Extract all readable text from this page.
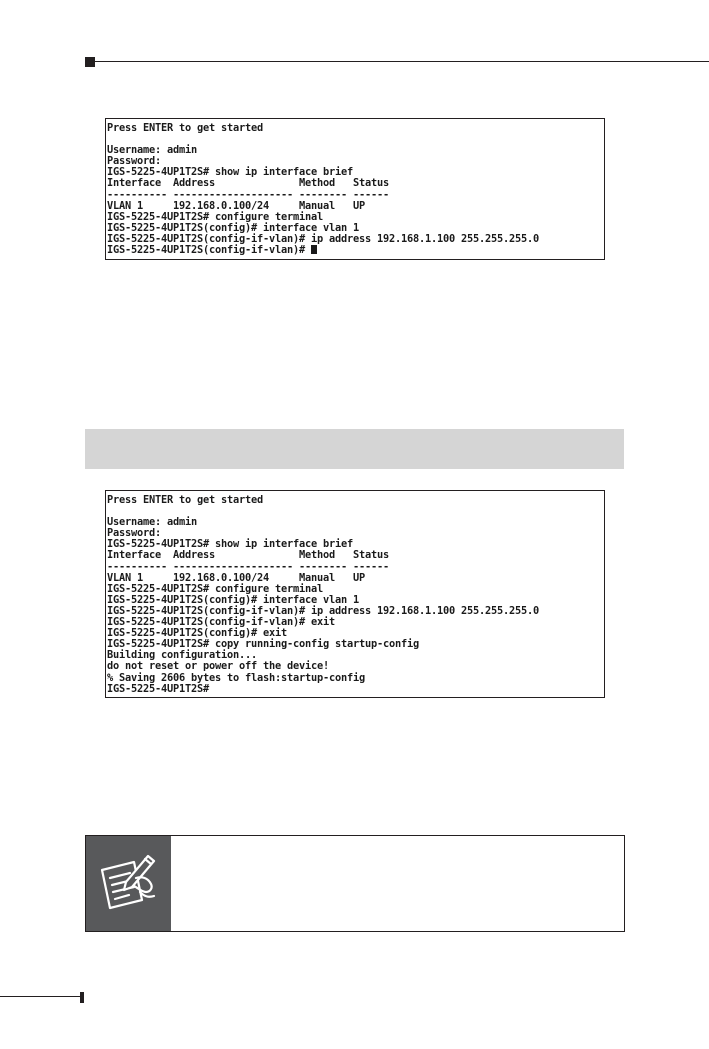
Press ENTER to get started
Username: admin
Password:
IGS-5225-4UP1T2S# show ip interface brief
Interface  Address              Method   Status
---------- -------------------- -------- ------
VLAN 1     192.168.0.100/24     Manual   UP
IGS-5225-4UP1T2S# configure terminal
IGS-5225-4UP1T2S(config)# interface vlan 1
IGS-5225-4UP1T2S(config-if-vlan)# ip address 192.168.1.100 255.255.255.0
IGS-5225-4UP1T2S(config-if-vlan)#
Press ENTER to get started
Username: admin
Password:
IGS-5225-4UP1T2S# show ip interface brief
Interface  Address              Method   Status
---------- -------------------- -------- ------
VLAN 1     192.168.0.100/24     Manual   UP
IGS-5225-4UP1T2S# configure terminal
IGS-5225-4UP1T2S(config)# interface vlan 1
IGS-5225-4UP1T2S(config-if-vlan)# ip address 192.168.1.100 255.255.255.0
IGS-5225-4UP1T2S(config-if-vlan)# exit
IGS-5225-4UP1T2S(config)# exit
IGS-5225-4UP1T2S# copy running-config startup-config
Building configuration...
do not reset or power off the device!
% Saving 2606 bytes to flash:startup-config
IGS-5225-4UP1T2S#
